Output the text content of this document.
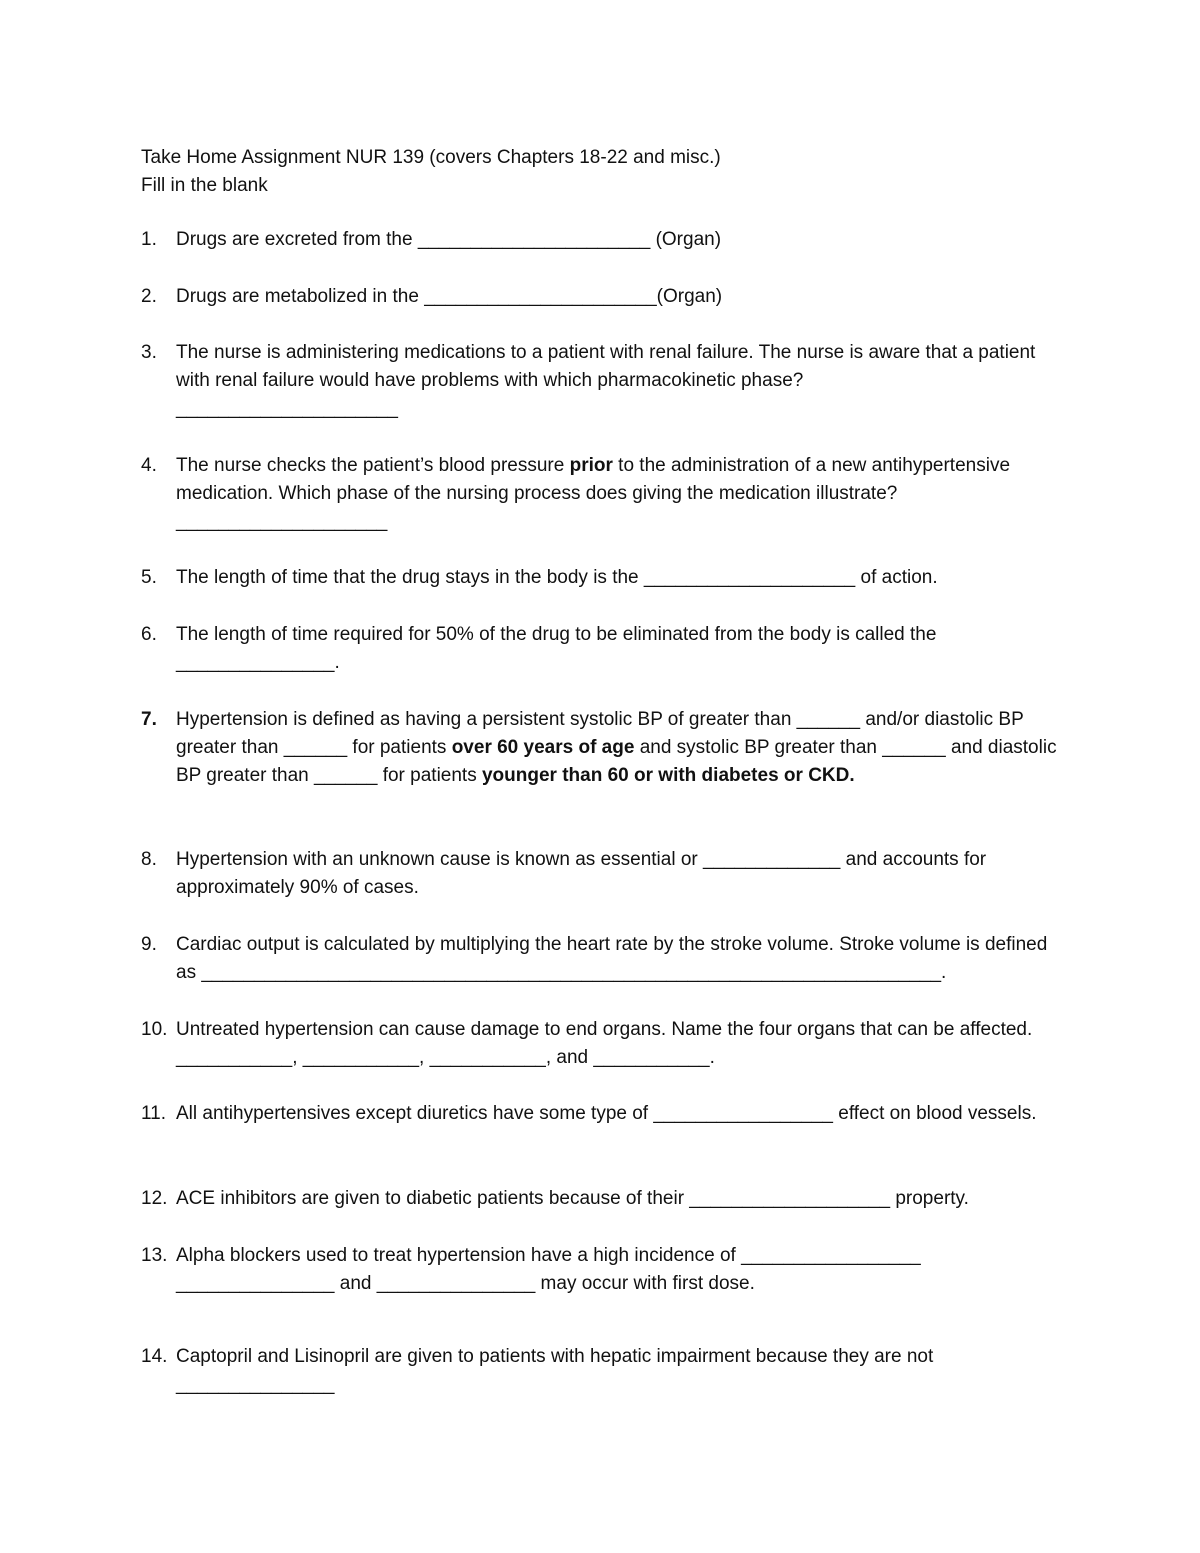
Take Home Assignment NUR 139 (covers Chapters 18-22 and misc.)
Fill in the blank
1.	Drugs are excreted from the ______________________ (Organ)
2.	Drugs are metabolized in the ______________________(Organ)
3.	The nurse is administering medications to a patient with renal failure. The nurse is aware that a patient with renal failure would have problems with which pharmacokinetic phase?
_____________________
4.	The nurse checks the patient’s blood pressure prior to the administration of a new antihypertensive medication. Which phase of the nursing process does giving the medication illustrate? ____________________
5.	The length of time that the drug stays in the body is the ____________________ of action.
6.	The length of time required for 50% of the drug to be eliminated from the body is called the
_______________.
7.	Hypertension is defined as having a persistent systolic BP of greater than ______ and/or diastolic BP greater than ______ for patients over 60 years of age and systolic BP greater than ______ and diastolic BP greater than ______ for patients younger than 60 or with diabetes or CKD.
8.	Hypertension with an unknown cause is known as essential or _____________ and accounts for approximately 90% of cases.
9.	Cardiac output is calculated by multiplying the heart rate by the stroke volume. Stroke volume is defined as ______________________________________________________________________.
10. Untreated hypertension can cause damage to end organs. Name the four organs that can be affected. ___________, ___________, ___________, and ___________.
11. All antihypertensives except diuretics have some type of _________________ effect on blood vessels.
12. ACE inhibitors are given to diabetic patients because of their ___________________ property.
13. Alpha blockers used to treat hypertension have a high incidence of _________________
_______________ and _______________ may occur with first dose.
14. Captopril and Lisinopril are given to patients with hepatic impairment because they are not
_______________
